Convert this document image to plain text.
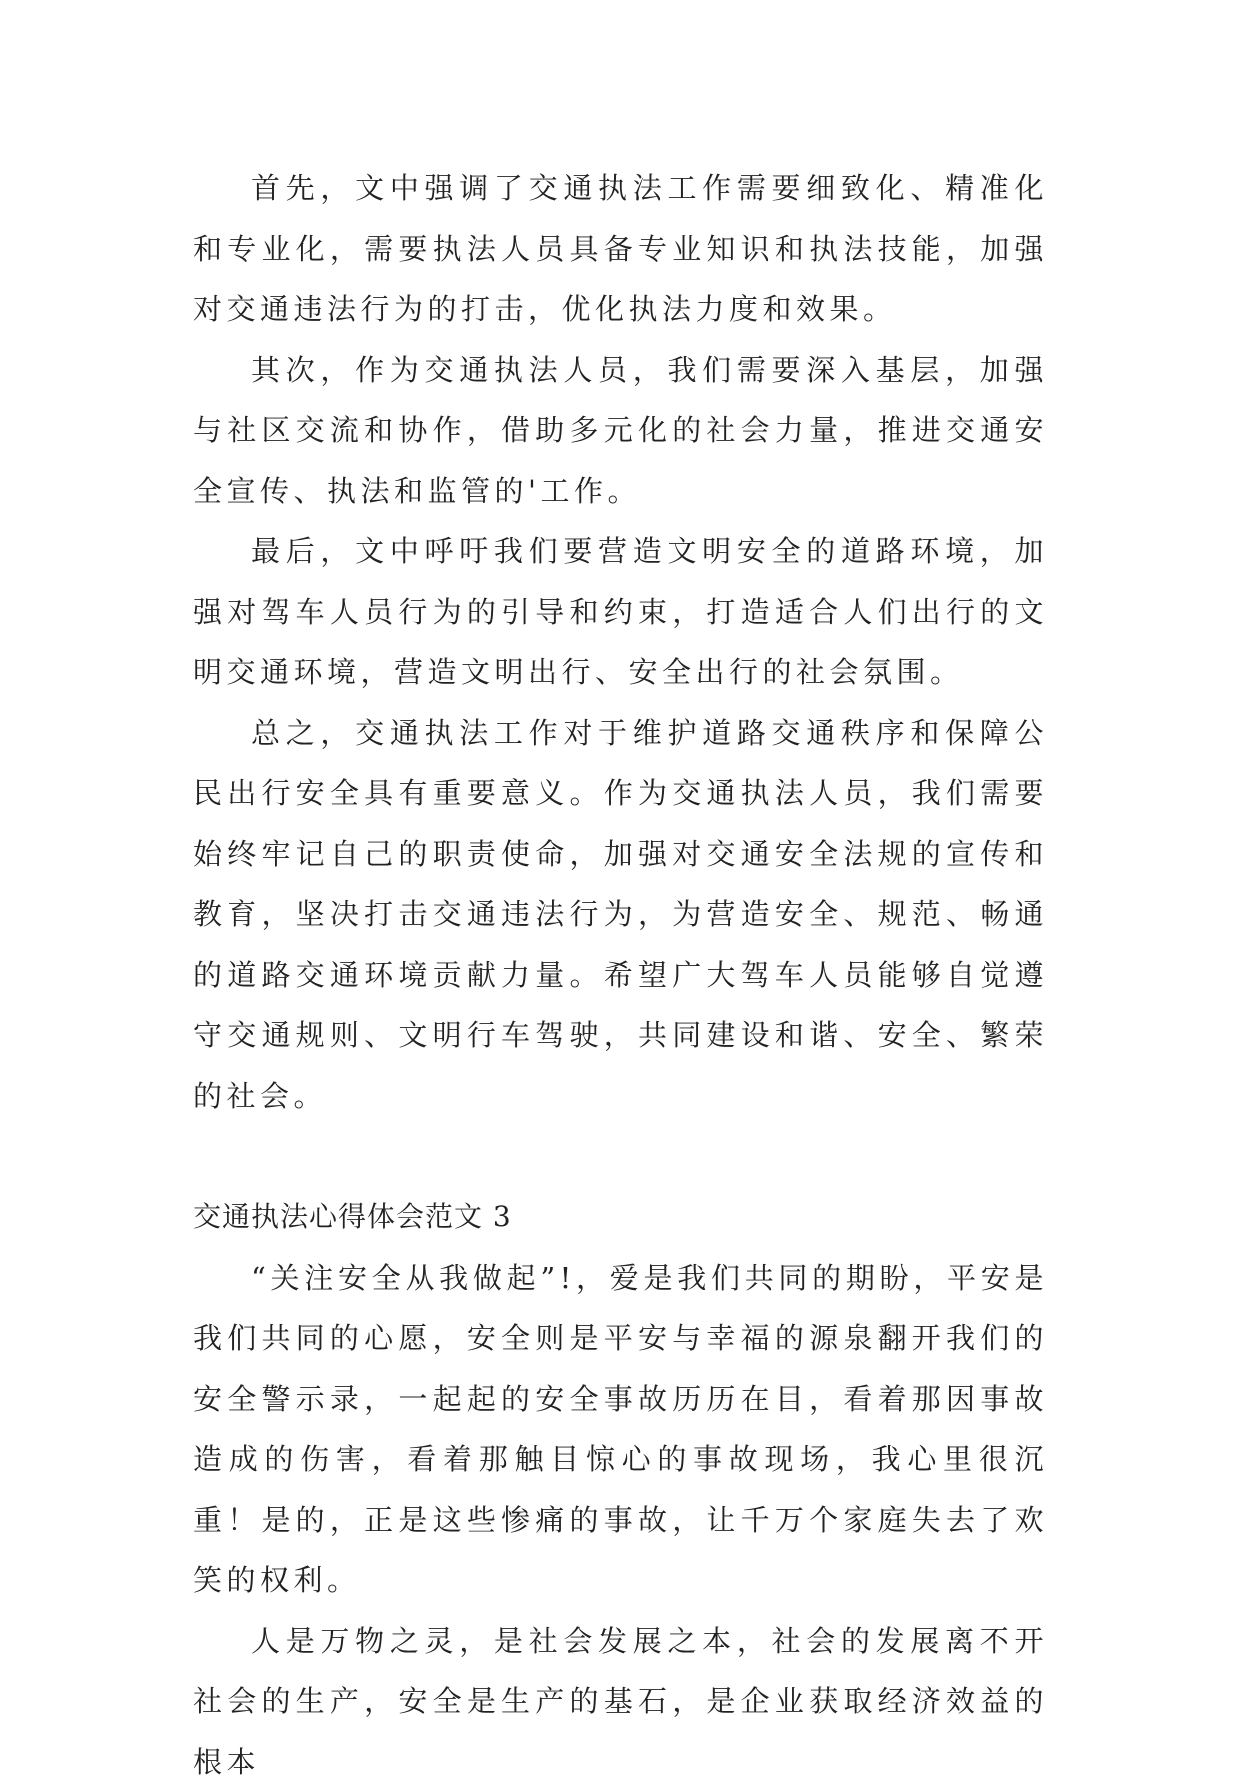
首先，文中强调了交通执法工作需要细致化、精准化和专业化，需要执法人员具备专业知识和执法技能，加强对交通违法行为的打击，优化执法力度和效果。

其次，作为交通执法人员，我们需要深入基层，加强与社区交流和协作，借助多元化的社会力量，推进交通安全宣传、执法和监管的'工作。

最后，文中呼吁我们要营造文明安全的道路环境，加强对驾车人员行为的引导和约束，打造适合人们出行的文明交通环境，营造文明出行、安全出行的社会氛围。

总之，交通执法工作对于维护道路交通秩序和保障公民出行安全具有重要意义。作为交通执法人员，我们需要始终牢记自己的职责使命，加强对交通安全法规的宣传和教育，坚决打击交通违法行为，为营造安全、规范、畅通的道路交通环境贡献力量。希望广大驾车人员能够自觉遵守交通规则、文明行车驾驶，共同建设和谐、安全、繁荣的社会。

交通执法心得体会范文 3

“关注安全从我做起”!，爱是我们共同的期盼，平安是我们共同的心愿，安全则是平安与幸福的源泉翻开我们的安全警示录，一起起的安全事故历历在目，看着那因事故造成的伤害，看着那触目惊心的事故现场，我心里很沉重！是的，正是这些惨痛的事故，让千万个家庭失去了欢笑的权利。

人是万物之灵，是社会发展之本，社会的发展离不开社会的生产，安全是生产的基石，是企业获取经济效益的根本
